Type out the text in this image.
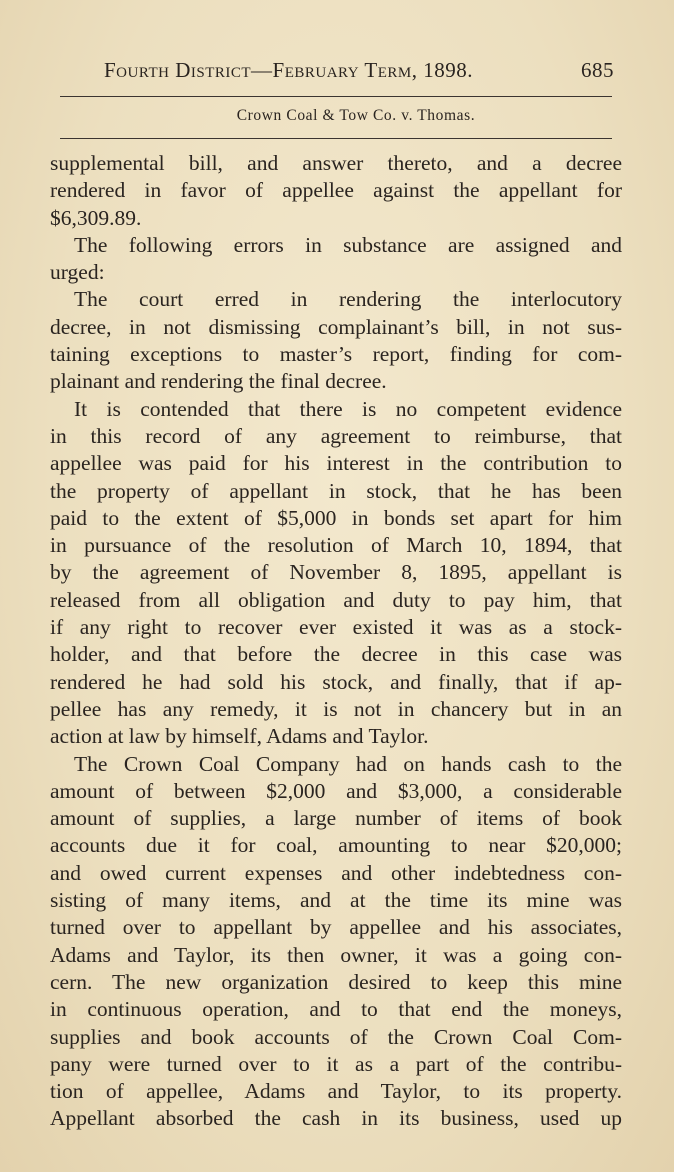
Fourth District—February Term, 1898.	685
Crown Coal & Tow Co. v. Thomas.
supplemental bill, and answer thereto, and a decree
rendered in favor of appellee against the appellant for
$6,309.89.
The following errors in substance are assigned and
urged:
The court erred in rendering the interlocutory
decree, in not dismissing complainant’s bill, in not sus-
taining exceptions to master’s report, finding for com-
plainant and rendering the final decree.
It is contended that there is no competent evidence
in this record of any agreement to reimburse, that
appellee was paid for his interest in the contribution to
the property of appellant in stock, that he has been
paid to the extent of $5,000 in bonds set apart for him
in pursuance of the resolution of March 10, 1894, that
by the agreement of November 8, 1895, appellant is
released from all obligation and duty to pay him, that
if any right to recover ever existed it was as a stock-
holder, and that before the decree in this case was
rendered he had sold his stock, and finally, that if ap-
pellee has any remedy, it is not in chancery but in an
action at law by himself, Adams and Taylor.
The Crown Coal Company had on hands cash to the
amount of between $2,000 and $3,000, a considerable
amount of supplies, a large number of items of book
accounts due it for coal, amounting to near $20,000;
and owed current expenses and other indebtedness con-
sisting of many items, and at the time its mine was
turned over to appellant by appellee and his associates,
Adams and Taylor, its then owner, it was a going con-
cern. The new organization desired to keep this mine
in continuous operation, and to that end the moneys,
supplies and book accounts of the Crown Coal Com-
pany were turned over to it as a part of the contribu-
tion of appellee, Adams and Taylor, to its property.
Appellant absorbed the cash in its business, used up
